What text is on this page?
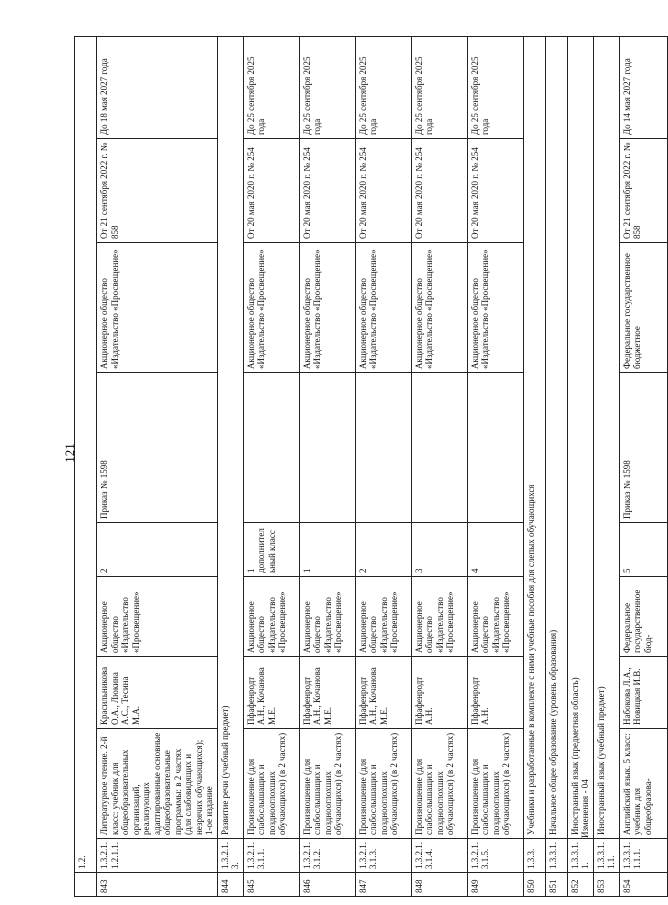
121
	1.2.								
843	1.3.2.1.1.2.1.1.	Литературное чтение. 2-й класс: учебник для общеобразовательных организаций, реализующих адаптированные основные общеобразовательные программы: в 2 частях (для слабовидящих и незрячих обучающихся); 1-ое издание	Красильникова О.А., Люкина А.С., Тесина М.А.	Акционерное общество «Издательство «Просвещение»	2	Приказ № 1598	Акционерное общество «Издательство «Просвещение»	От 21 сентября 2022 г. № 858	До 18 мая 2027 года
844	1.3.2.1.3.	Развитие речи (учебный предмет)							
845	1.3.2.1.3.1.1.	Произношение (для слабослышащих и позднооглохших обучающихся) (в 2 частях)	Пфафенродт А.Н., Кочанова М.Е.	Акционерное общество «Издательство «Просвещение»	1 дополнительный класс		Акционерное общество «Издательство «Просвещение»	От 20 мая 2020 г. № 254	До 25 сентября 2025 года
846	1.3.2.1.3.1.2.	Произношение (для слабослышащих и позднооглохших обучающихся) (в 2 частях)	Пфафенродт А.Н., Кочанова М.Е.	Акционерное общество «Издательство «Просвещение»	1		Акционерное общество «Издательство «Просвещение»	От 20 мая 2020 г. № 254	До 25 сентября 2025 года
847	1.3.2.1.3.1.3.	Произношение (для слабослышащих и позднооглохших обучающихся) (в 2 частях)	Пфафенродт А.Н., Кочанова М.Е.	Акционерное общество «Издательство «Просвещение»	2		Акционерное общество «Издательство «Просвещение»	От 20 мая 2020 г. № 254	До 25 сентября 2025 года
848	1.3.2.1.3.1.4.	Произношение (для слабослышащих и позднооглохших обучающихся) (в 2 частях)	Пфафенродт А.Н.	Акционерное общество «Издательство «Просвещение»	3		Акционерное общество «Издательство «Просвещение»	От 20 мая 2020 г. № 254	До 25 сентября 2025 года
849	1.3.2.1.3.1.5.	Произношение (для слабослышащих и позднооглохших обучающихся) (в 2 частях)	Пфафенродт А.Н.	Акционерное общество «Издательство «Просвещение»	4		Акционерное общество «Издательство «Просвещение»	От 20 мая 2020 г. № 254	До 25 сентября 2025 года
850	1.3.3.	Учебники и разработанные в комплекте с ними учебные пособия для слепых обучающихся							
851	1.3.3.1.	Начальное общее образование (уровень образования)							
852	1.3.3.1.1.	Иностранный язык (предметная область)							
853	1.3.3.1.1.1.	Иностранный язык (учебный предмет)							
854	1.3.3.1.1.1.1.	Английский язык. 5 класс: учебник для общеобразова-	Набокова Л.А., Новицкая И.В.	Федеральное государственное бюд-	5	Приказ № 1598	Федеральное государственное бюджетное	От 21 сентября 2022 г. № 858	До 14 мая 2027 года
Изменения - 04
